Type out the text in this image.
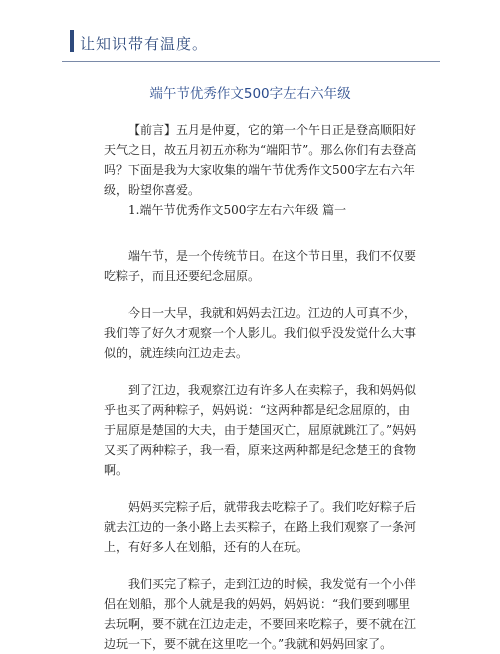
让知识带有温度。
端午节优秀作文500字左右六年级

【前言】五月是仲夏，它的第一个午日正是登高顺阳好天气之日，故五月初五亦称为“端阳节”。那么你们有去登高吗？下面是我为大家收集的端午节优秀作文500字左右六年级，盼望你喜爱。

1.端午节优秀作文500字左右六年级 篇一

端午节，是一个传统节日。在这个节日里，我们不仅要吃粽子，而且还要纪念屈原。

今日一大早，我就和妈妈去江边。江边的人可真不少，我们等了好久才观察一个人影儿。我们似乎没发觉什么大事似的，就连续向江边走去。

到了江边，我观察江边有许多人在卖粽子，我和妈妈似乎也买了两种粽子，妈妈说：“这两种都是纪念屈原的，由于屈原是楚国的大夫，由于楚国灭亡，屈原就跳江了。”妈妈又买了两种粽子，我一看，原来这两种都是纪念楚王的食物啊。

妈妈买完粽子后，就带我去吃粽子了。我们吃好粽子后就去江边的一条小路上去买粽子，在路上我们观察了一条河上，有好多人在划船，还有的人在玩。

我们买完了粽子，走到江边的时候，我发觉有一个小伴侣在划船，那个人就是我的妈妈，妈妈说：“我们要到哪里去玩啊，要不就在江边走走，不要回来吃粽子，要不就在江边玩一下，要不就在这里吃一个。”我就和妈妈回家了。
